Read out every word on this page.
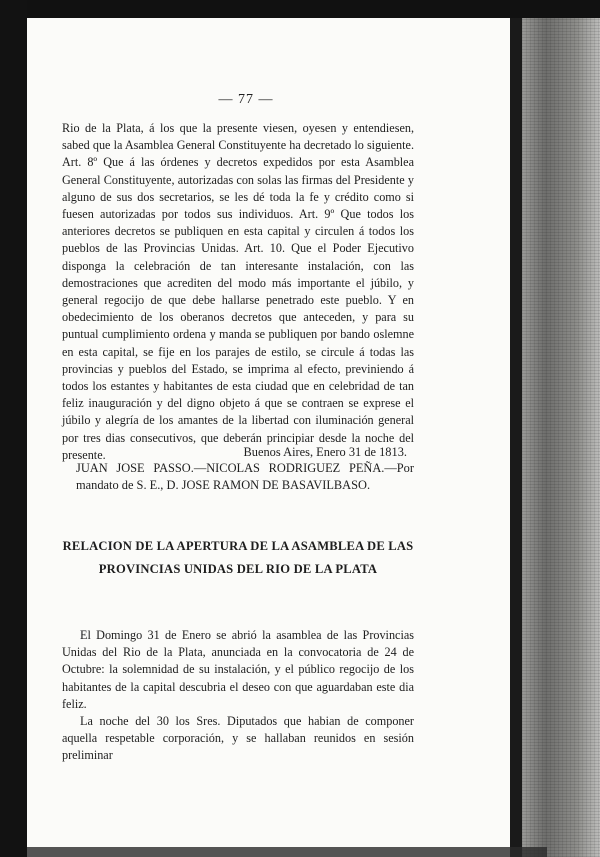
— 77 —

Rio de la Plata, á los que la presente viesen, oyesen y entendiesen, sabed que la Asamblea General Constituyente ha decretado lo siguiente. Art. 8º Que á las órdenes y decretos expedidos por esta Asamblea General Constituyente, autorizadas con solas las firmas del Presidente y alguno de sus dos secretarios, se les dé toda la fe y crédito como si fuesen autorizadas por todos sus individuos. Art. 9º Que todos los anteriores decretos se publiquen en esta capital y circulen á todos los pueblos de las Provincias Unidas. Art. 10. Que el Poder Ejecutivo disponga la celebración de tan interesante instalación, con las demostraciones que acrediten del modo más importante el júbilo, y general regocijo de que debe hallarse penetrado este pueblo. Y en obedecimiento de los oberanos decretos que anteceden, y para su puntual cumplimiento ordena y manda se publiquen por bando oslemne en esta capital, se fije en los parajes de estilo, se circule á todas las provincias y pueblos del Estado, se imprima al efecto, previniendo á todos los estantes y habitantes de esta ciudad que en celebridad de tan feliz inauguración y del digno objeto á que se contraen se exprese el júbilo y alegría de los amantes de la libertad con iluminación general por tres dias consecutivos, que deberán principiar desde la noche del presente.	Buenos Aires, Enero 31 de 1813.
JUAN JOSE PASSO.—NICOLAS RODRIGUEZ PEÑA.—Por mandato de S. E., D. JOSE RAMON DE BASAVILBASO.
RELACION DE LA APERTURA DE LA ASAMBLEA DE LAS
PROVINCIAS UNIDAS DEL RIO DE LA PLATA

El Domingo 31 de Enero se abrió la asamblea de las Provincias Unidas del Rio de la Plata, anunciada en la convocatoria de 24 de Octubre: la solemnidad de su instalación, y el público regocijo de los habitantes de la capital descubria el deseo con que aguardaban este dia feliz.

La noche del 30 los Sres. Diputados que habian de componer aquella respetable corporación, y se hallaban reunidos en sesión preliminar
